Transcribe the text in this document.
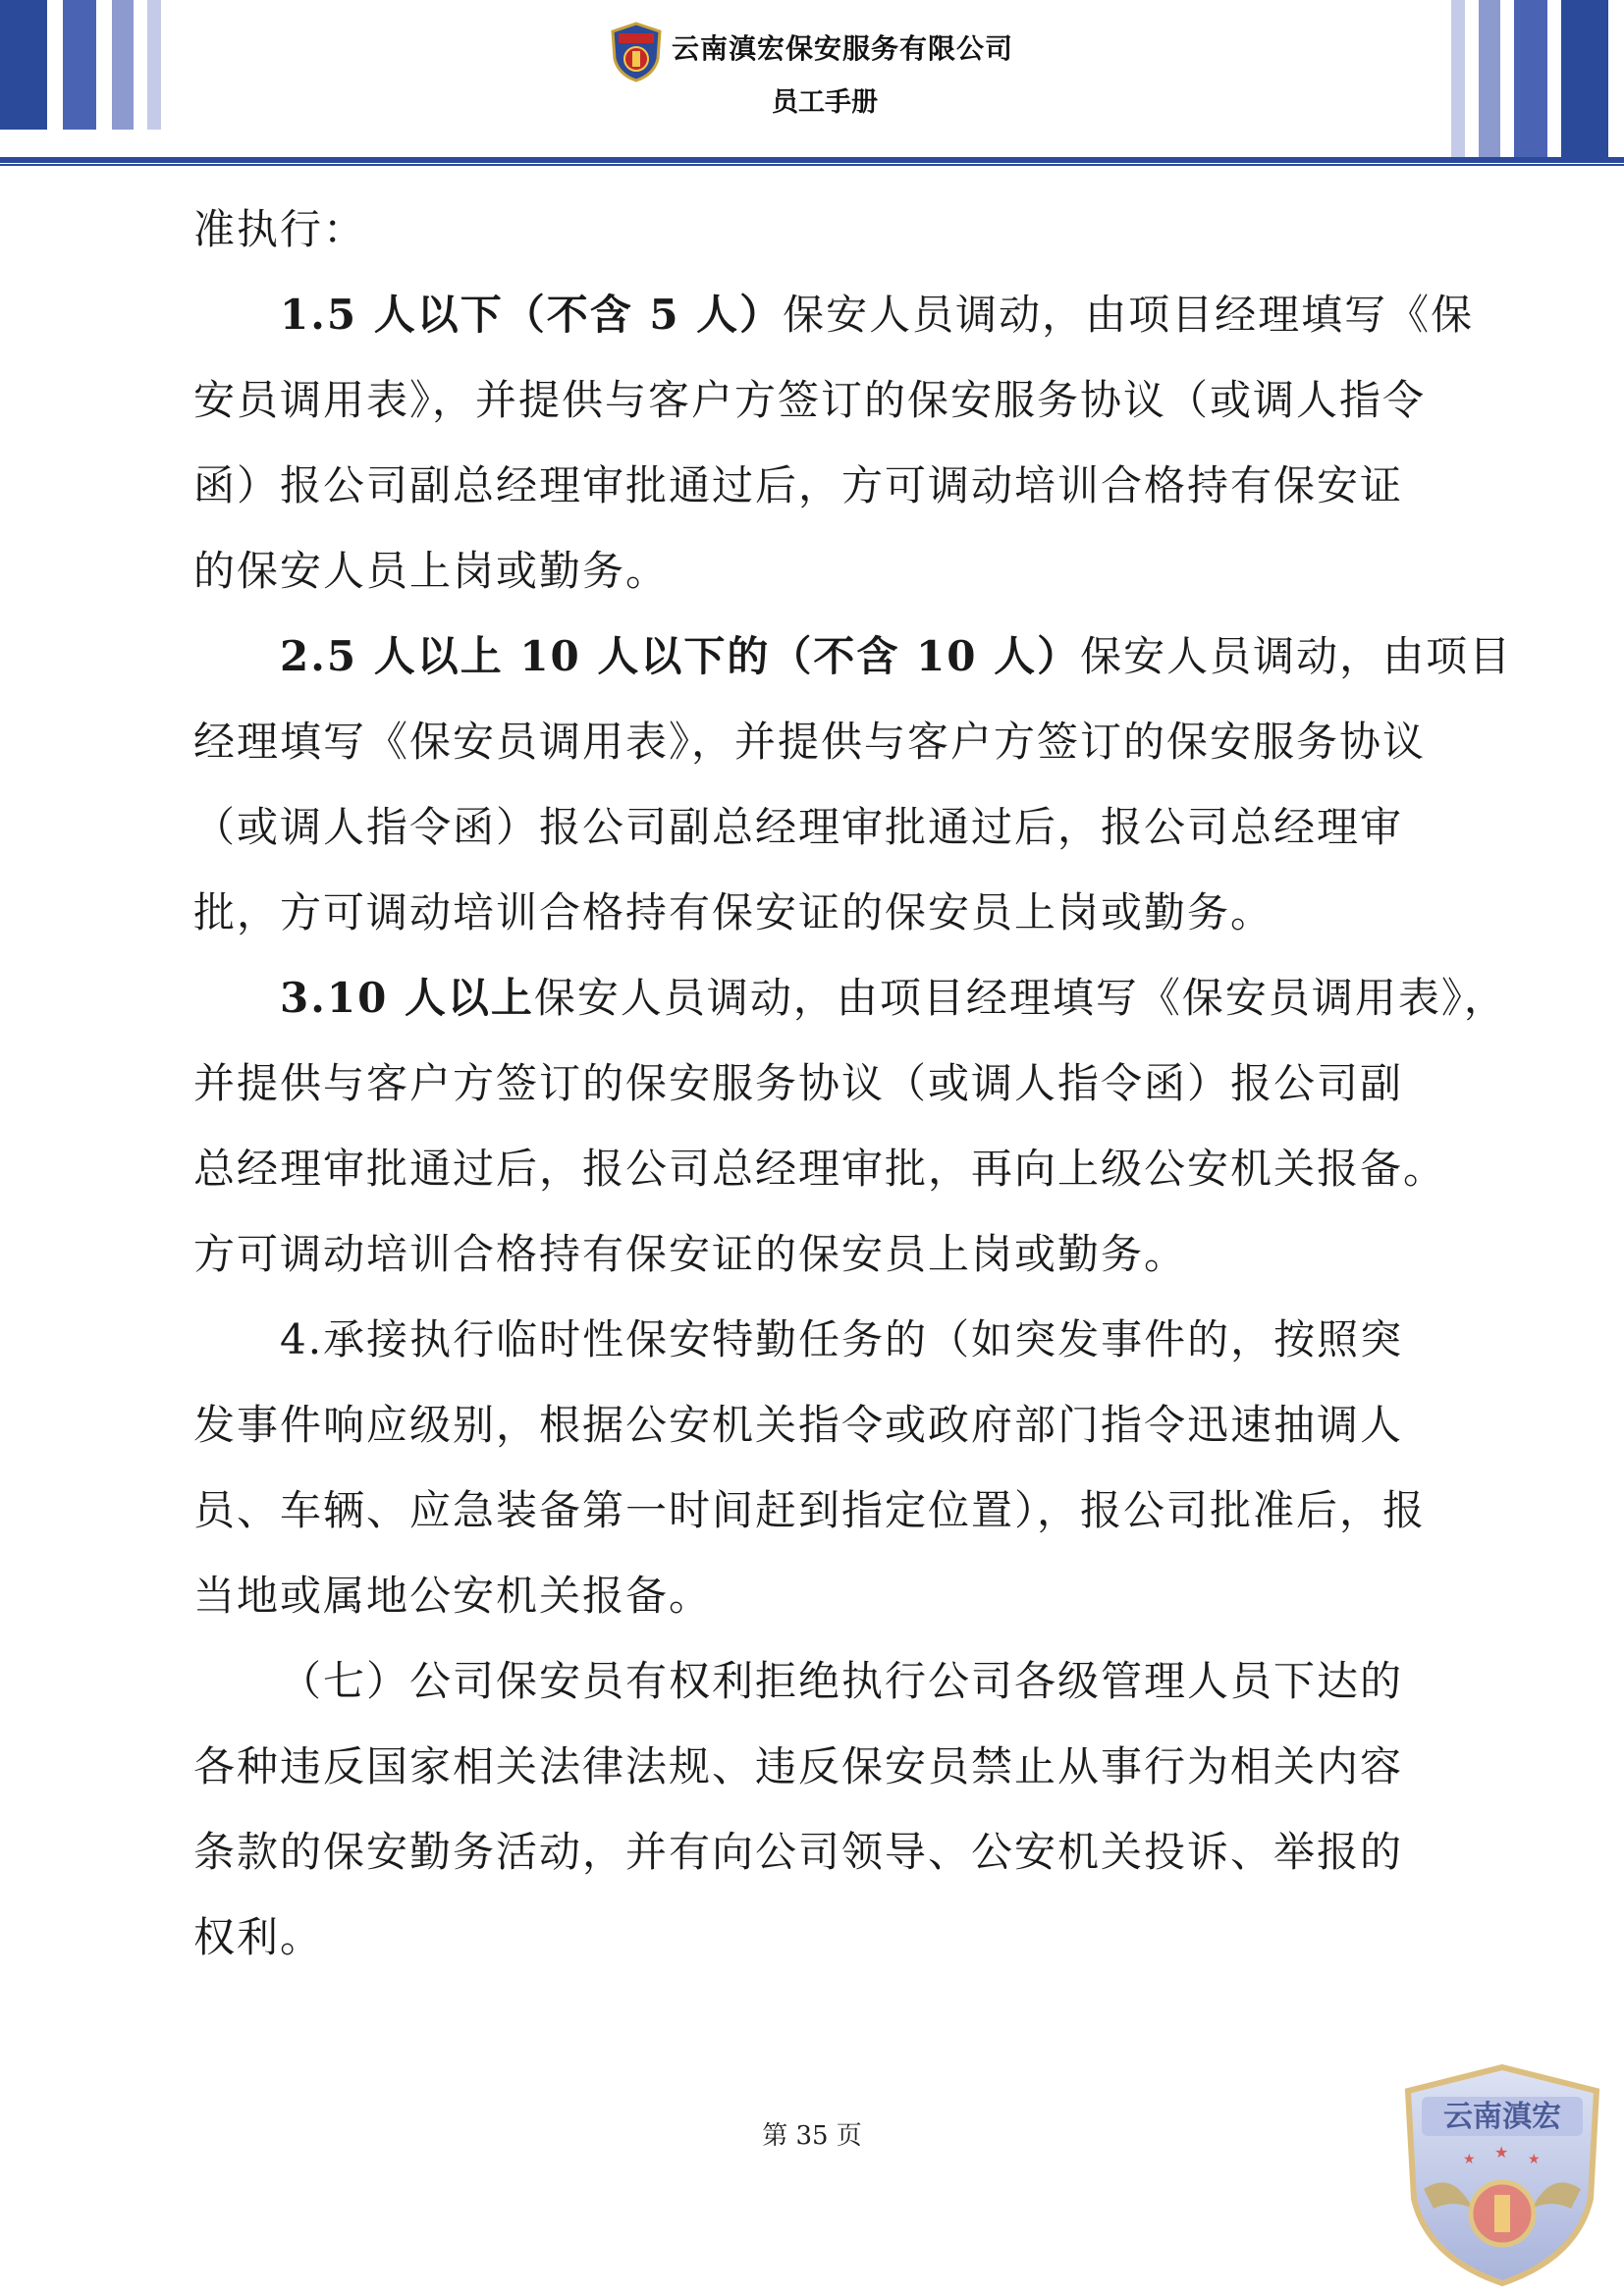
云南滇宏保安服务有限公司
员工手册
准执行：
1.5 人以下（不含 5 人）保安人员调动，由项目经理填写《保
安员调用表》，并提供与客户方签订的保安服务协议（或调人指令
函）报公司副总经理审批通过后，方可调动培训合格持有保安证
的保安人员上岗或勤务。
2.5 人以上 10 人以下的（不含 10 人）保安人员调动，由项目
经理填写《保安员调用表》，并提供与客户方签订的保安服务协议
（或调人指令函）报公司副总经理审批通过后，报公司总经理审
批，方可调动培训合格持有保安证的保安员上岗或勤务。
3.10 人以上保安人员调动，由项目经理填写《保安员调用表》，
并提供与客户方签订的保安服务协议（或调人指令函）报公司副
总经理审批通过后，报公司总经理审批，再向上级公安机关报备。
方可调动培训合格持有保安证的保安员上岗或勤务。
4.承接执行临时性保安特勤任务的（如突发事件的，按照突
发事件响应级别，根据公安机关指令或政府部门指令迅速抽调人
员、车辆、应急装备第一时间赶到指定位置），报公司批准后，报
当地或属地公安机关报备。
（七）公司保安员有权利拒绝执行公司各级管理人员下达的
各种违反国家相关法律法规、违反保安员禁止从事行为相关内容
条款的保安勤务活动，并有向公司领导、公安机关投诉、举报的
权利。
第 35 页
云南滇宏
★ ★ ★
